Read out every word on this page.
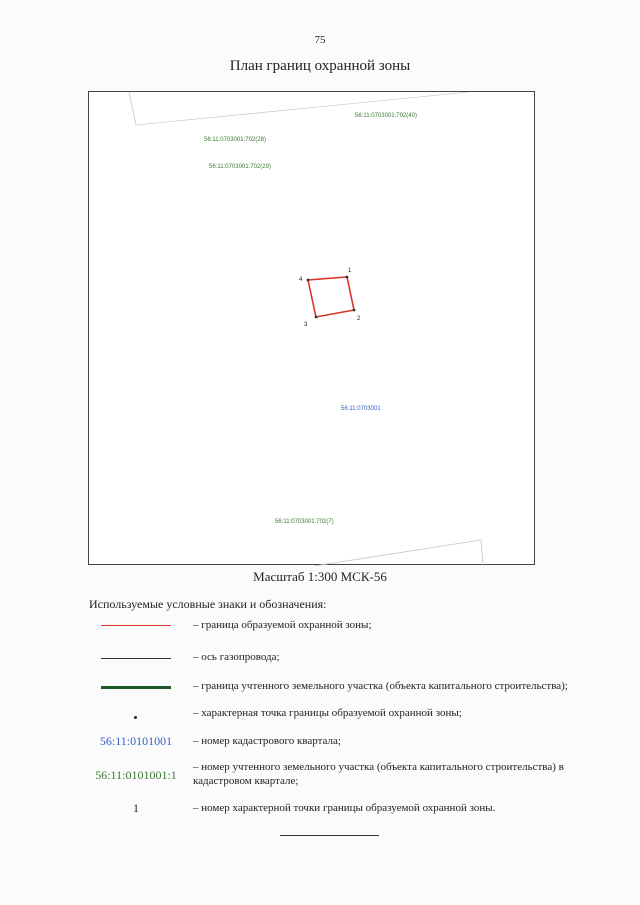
75
План границ охранной зоны
56:11:0703001:702(40)
56:11:0703001:702(28)
56:11:0703001:702(29)
56:11:0703001
56:11:0703001:702(7)
1
2
3
4
Масштаб 1:300 МСК-56
Используемые условные знаки и обозначения:
– граница образуемой охранной зоны;
– ось газопровода;
– граница учтенного земельного участка (объекта капитального строительства);
– характерная точка границы образуемой охранной зоны;
56:11:0101001	– номер кадастрового квартала;
56:11:0101001:1
– номер учтенного земельного участка (объекта капитального строительства) в кадастровом квартале;
1	– номер характерной точки границы образуемой охранной зоны.
